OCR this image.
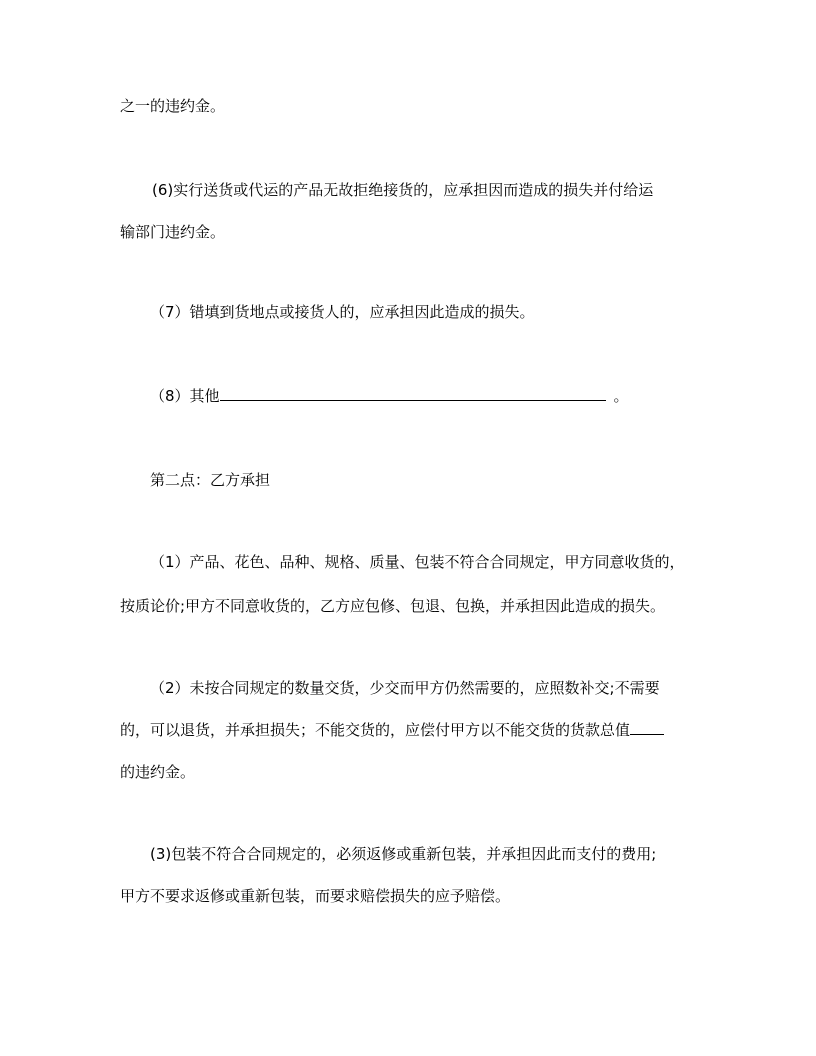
之一的违约金。
(6)实行送货或代运的产品无故拒绝接货的，应承担因而造成的损失并付给运
输部门违约金。
（7）错填到货地点或接货人的，应承担因此造成的损失。
（8）其他	。
第二点：乙方承担
（1）产品、花色、品种、规格、质量、包装不符合合同规定，甲方同意收货的，
按质论价;甲方不同意收货的，乙方应包修、包退、包换，并承担因此造成的损失。
（2）未按合同规定的数量交货，少交而甲方仍然需要的，应照数补交;不需要
的，可以退货，并承担损失；不能交货的，应偿付甲方以不能交货的货款总值
的违约金。
(3)包装不符合合同规定的，必须返修或重新包装，并承担因此而支付的费用;
甲方不要求返修或重新包装，而要求赔偿损失的应予赔偿。
